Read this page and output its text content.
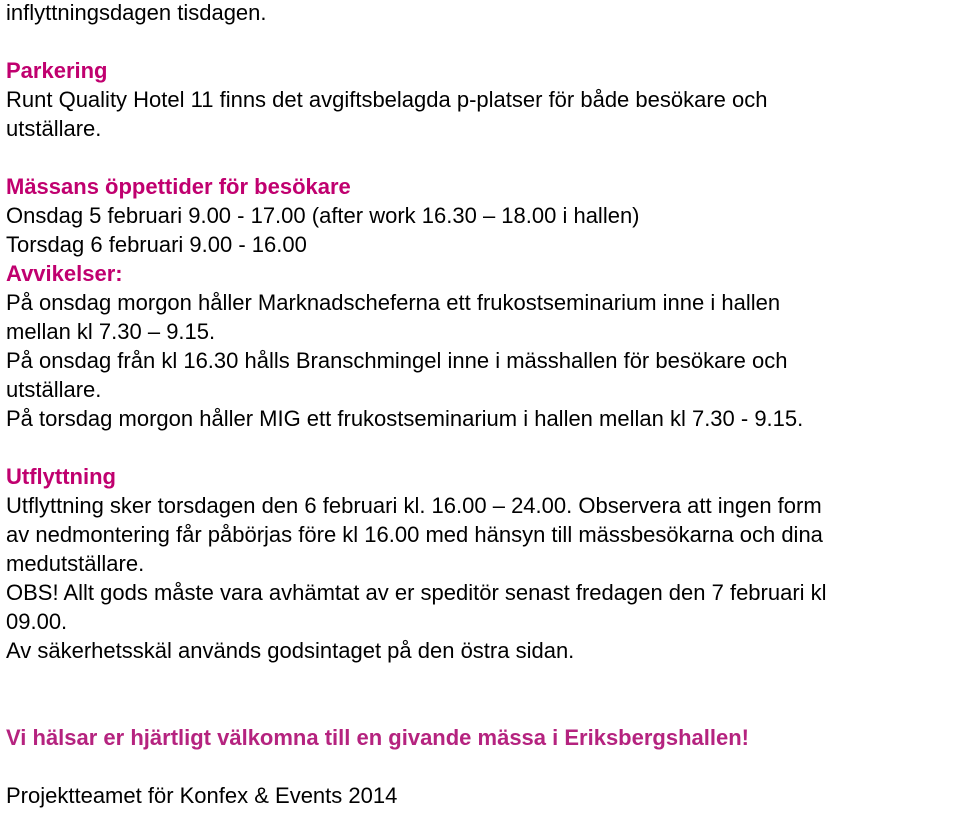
inflyttningsdagen tisdagen.
Parkering
Runt Quality Hotel 11 finns det avgiftsbelagda p-platser för både besökare och
utställare.
Mässans öppettider för besökare
Onsdag 5 februari 9.00 - 17.00 (after work 16.30 – 18.00 i hallen)
Torsdag 6 februari 9.00 - 16.00
Avvikelser:
På onsdag morgon håller Marknadscheferna ett frukostseminarium inne i hallen
mellan kl 7.30 – 9.15.
På onsdag från kl 16.30 hålls Branschmingel inne i mässhallen för besökare och
utställare.
På torsdag morgon håller MIG ett frukostseminarium i hallen mellan kl 7.30 - 9.15.
Utflyttning
Utflyttning sker torsdagen den 6 februari kl. 16.00 – 24.00. Observera att ingen form
av nedmontering får påbörjas före kl 16.00 med hänsyn till mässbesökarna och dina
medutställare.
OBS! Allt gods måste vara avhämtat av er speditör senast fredagen den 7 februari kl
09.00.
Av säkerhetsskäl används godsintaget på den östra sidan.
Vi hälsar er hjärtligt välkomna till en givande mässa i Eriksbergshallen!
Projektteamet för Konfex & Events 2014
